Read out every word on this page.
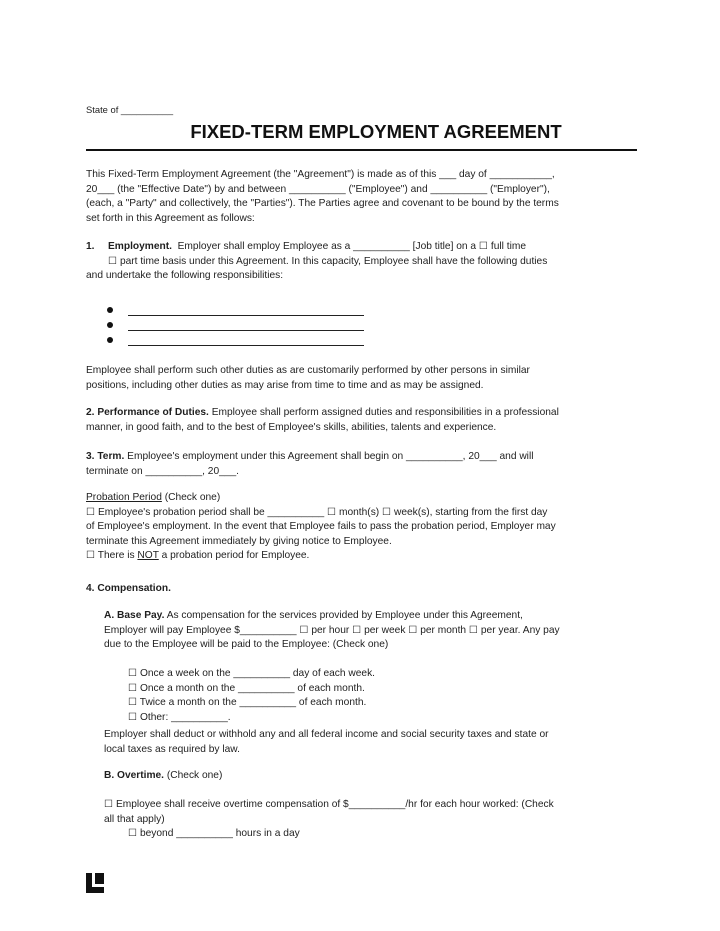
State of __________
FIXED-TERM EMPLOYMENT AGREEMENT
This Fixed-Term Employment Agreement (the "Agreement") is made as of this ___ day of ___________,
20___ (the "Effective Date") by and between __________ ("Employee") and __________ ("Employer"),
(each, a "Party" and collectively, the "Parties"). The Parties agree and covenant to be bound by the terms
set forth in this Agreement as follows:
1. Employment. Employer shall employ Employee as a __________ [Job title] on a ☐ full time
☐ part time basis under this Agreement. In this capacity, Employee shall have the following duties
and undertake the following responsibilities:
Employee shall perform such other duties as are customarily performed by other persons in similar
positions, including other duties as may arise from time to time and as may be assigned.
2. Performance of Duties. Employee shall perform assigned duties and responsibilities in a professional
manner, in good faith, and to the best of Employee's skills, abilities, talents and experience.
3. Term. Employee's employment under this Agreement shall begin on __________, 20___ and will
terminate on __________, 20___.
Probation Period (Check one)
☐ Employee's probation period shall be __________ ☐ month(s) ☐ week(s), starting from the first day
of Employee's employment. In the event that Employee fails to pass the probation period, Employer may
terminate this Agreement immediately by giving notice to Employee.
☐ There is NOT a probation period for Employee.
4. Compensation.
A. Base Pay. As compensation for the services provided by Employee under this Agreement,
Employer will pay Employee $__________ ☐ per hour ☐ per week ☐ per month ☐ per year. Any pay
due to the Employee will be paid to the Employee: (Check one)
☐ Once a week on the __________ day of each week.
☐ Once a month on the __________ of each month.
☐ Twice a month on the __________ of each month.
☐ Other: __________.
Employer shall deduct or withhold any and all federal income and social security taxes and state or
local taxes as required by law.
B. Overtime. (Check one)
☐ Employee shall receive overtime compensation of $__________/hr for each hour worked: (Check
all that apply)
☐ beyond __________ hours in a day
